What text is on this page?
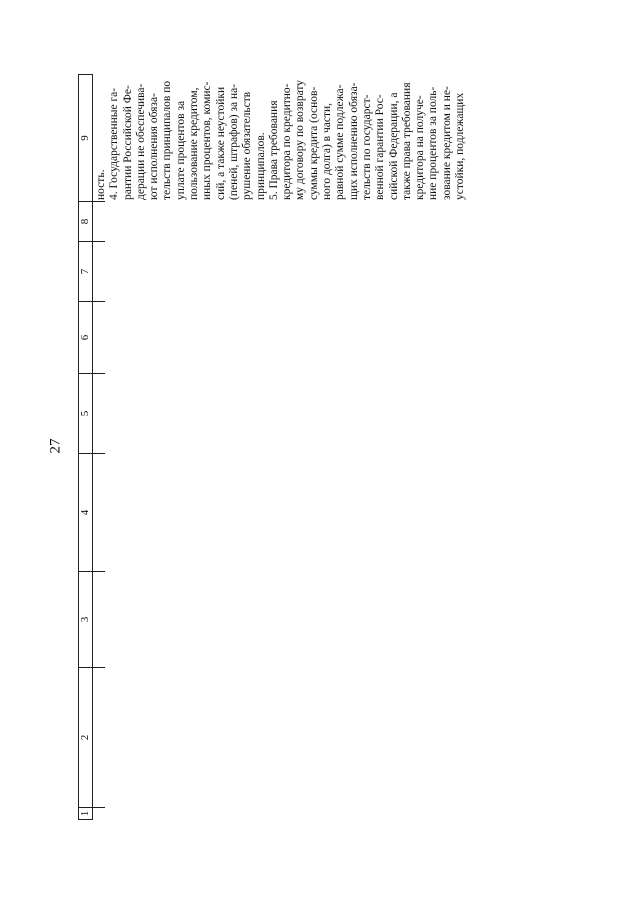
27
1
2
3
4
5
6
7
8
9
ность. 4. Государственные га- рантии Российской Фе- дерации не обеспечива- ют исполнения обяза- тельств принципалов по уплате процентов за пользование кредитом, иных процентов, комис- сий, а также неустойки (пеней, штрафов) за на- рушение обязательств принципалов. 5. Права требования кредитора по кредитно- му договору по возврату суммы кредита (основ- ного долга) в части, равной сумме подлежа- щих исполнению обяза- тельств по государст- венной гарантии Рос- сийской Федерации, а также права требования кредитора на получе- ние процентов за поль- зование кредитом и не- устойки, подлежащих
